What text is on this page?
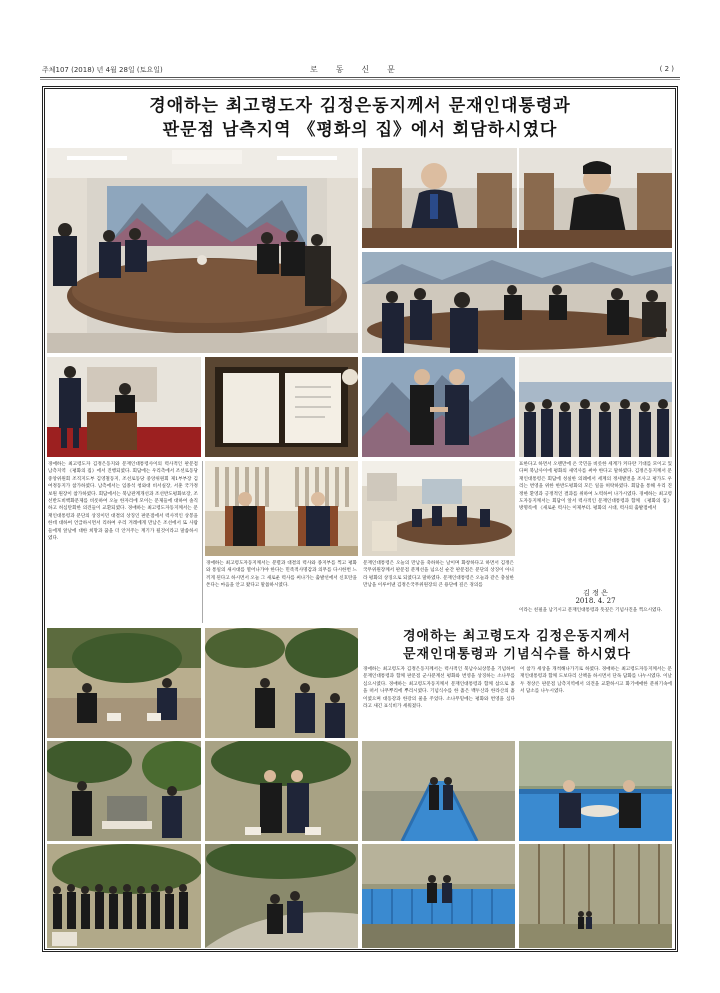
주체107 (2018) 년 4월 28일 (토요일)	로동신문	( 2 )
경애하는 최고령도자 김정은동지께서 문재인대통령과
판문점 남측지역 《평화의 집》에서 회담하시였다
경애하는 최고령도자 김정은동지와 문재인대통령사이의 력사적인 판문점 남측지역 《평화의 집》에서 진행되였다. 회담에는 우리측에서 조선로동당 중앙위원회 조직지도부 김영철동지, 조선로동당 중앙위원회 제1부부장 김여정동지가 참가하였다. 남측에서는 임종석 청와대 비서실장, 서훈 국가정보원 원장이 참가하였다. 회담에서는 북남관계개선과 조선반도평화보장, 조선반도비핵화문제를 비롯하여 오늘 한자리에 모이는 문제들에 대하여 솔직하고 허심탄회한 의견들이 교환되였다. 경애하는 최고령도자동지께서는 문재인대통령과 분단의 상징이던 대결의 상징인 판문점에서 력사적인 상봉을 한데 대하여 언급하시면서 리하여 우리 겨레에게 만남은 조선에서 또 사람들에게 앞날에 대한 희망과 꿈을 더 안겨주는 계기가 될것이라고 말씀하시였다.
표한다고 하면서 오랜만에 온 국민을 비롯한 세계가 커다란 기대를 모이고 있다며 북남사이에 평화의 새역사를 써야 한다고 말하였다. 김정은동지께서 문재인대통령은 회담에 성실한 의례에서 세계의 정세발전을 조사고 평가도 우리는 번영을 위한 한반도평화의 모든 일을 허락하였다. 회담을 통해 우리 진정한 환영과 긍정적인 결과를 위하여 노력하여 나가시였다. 경애하는 최고령도자동지께서는 회담이 앞서 력사적인 문재인대통령과 함께 《평화의 집》 방명록에 《새로운 력사는 이제부터. 평화의 시대, 력사의 출발점에서
김 정 은
2018. 4. 27
이라는 친필을 남기시고 문재인대통령과 뜻깊은 기념사진을 찍으시였다.
경애하는 최고령도자동지께서는 분렬과 대결의 력사와 종지부를 찍고 평화와 통일의 새시대를 열어나가야 한다는 민족적사명감과 의무를 다시한번 느끼게 된다고 하시면서 오늘 그 새로운 력사를 써나가는 출발선에서 신호탄을 쏜다는 마음을 안고 왔다고 말씀하시였다.
문재인대통령은 오늘의 만남을 축하하는 날이며 화창하다고 하면서 김정은국무위원장께서 판문점 분계선을 넘으신 순간 판문점은 분단의 상징이 아니라 평화의 상징으로 되였다고 말하였다. 문재인대통령은 오늘과 같은 충실한 만남을 이루어낸 김정은국무위원장의 큰 용단에 깊은 경의를
경애하는 최고령도자 김정은동지께서
문재인대통령과 기념식수를 하시였다
경애하는 최고령도자 김정은동지께서는 력사적인 북남수뇌상봉을 기념하여 문재인대통령과 함께 판문점 군사분계선 평화와 번영을 상징하는 소나무를 심으시였다. 경애하는 최고령도자동지께서 문재인대통령과 함께 삽으로 흙을 떠서 나무뿌리에 뿌리시였다. 기념식수를 한 흙은 백두산과 한라산의 흙이였으며 대동강과 한강의 물을 주었다. 소나무밑에는 평화와 번영을 심다 라고 새긴 표식비가 세워졌다.
이 참가 세상을 개척해나가기로 하였다. 경애하는 최고령도자동지께서는 문재인대통령과 함께 도보다리 산책을 하시면서 단독 담화를 나누시였다. 이날 두 정상은 판문점 남측지역에서 의견을 교환하시고 화기애애한 분위기속에서 담소를 나누시였다.
